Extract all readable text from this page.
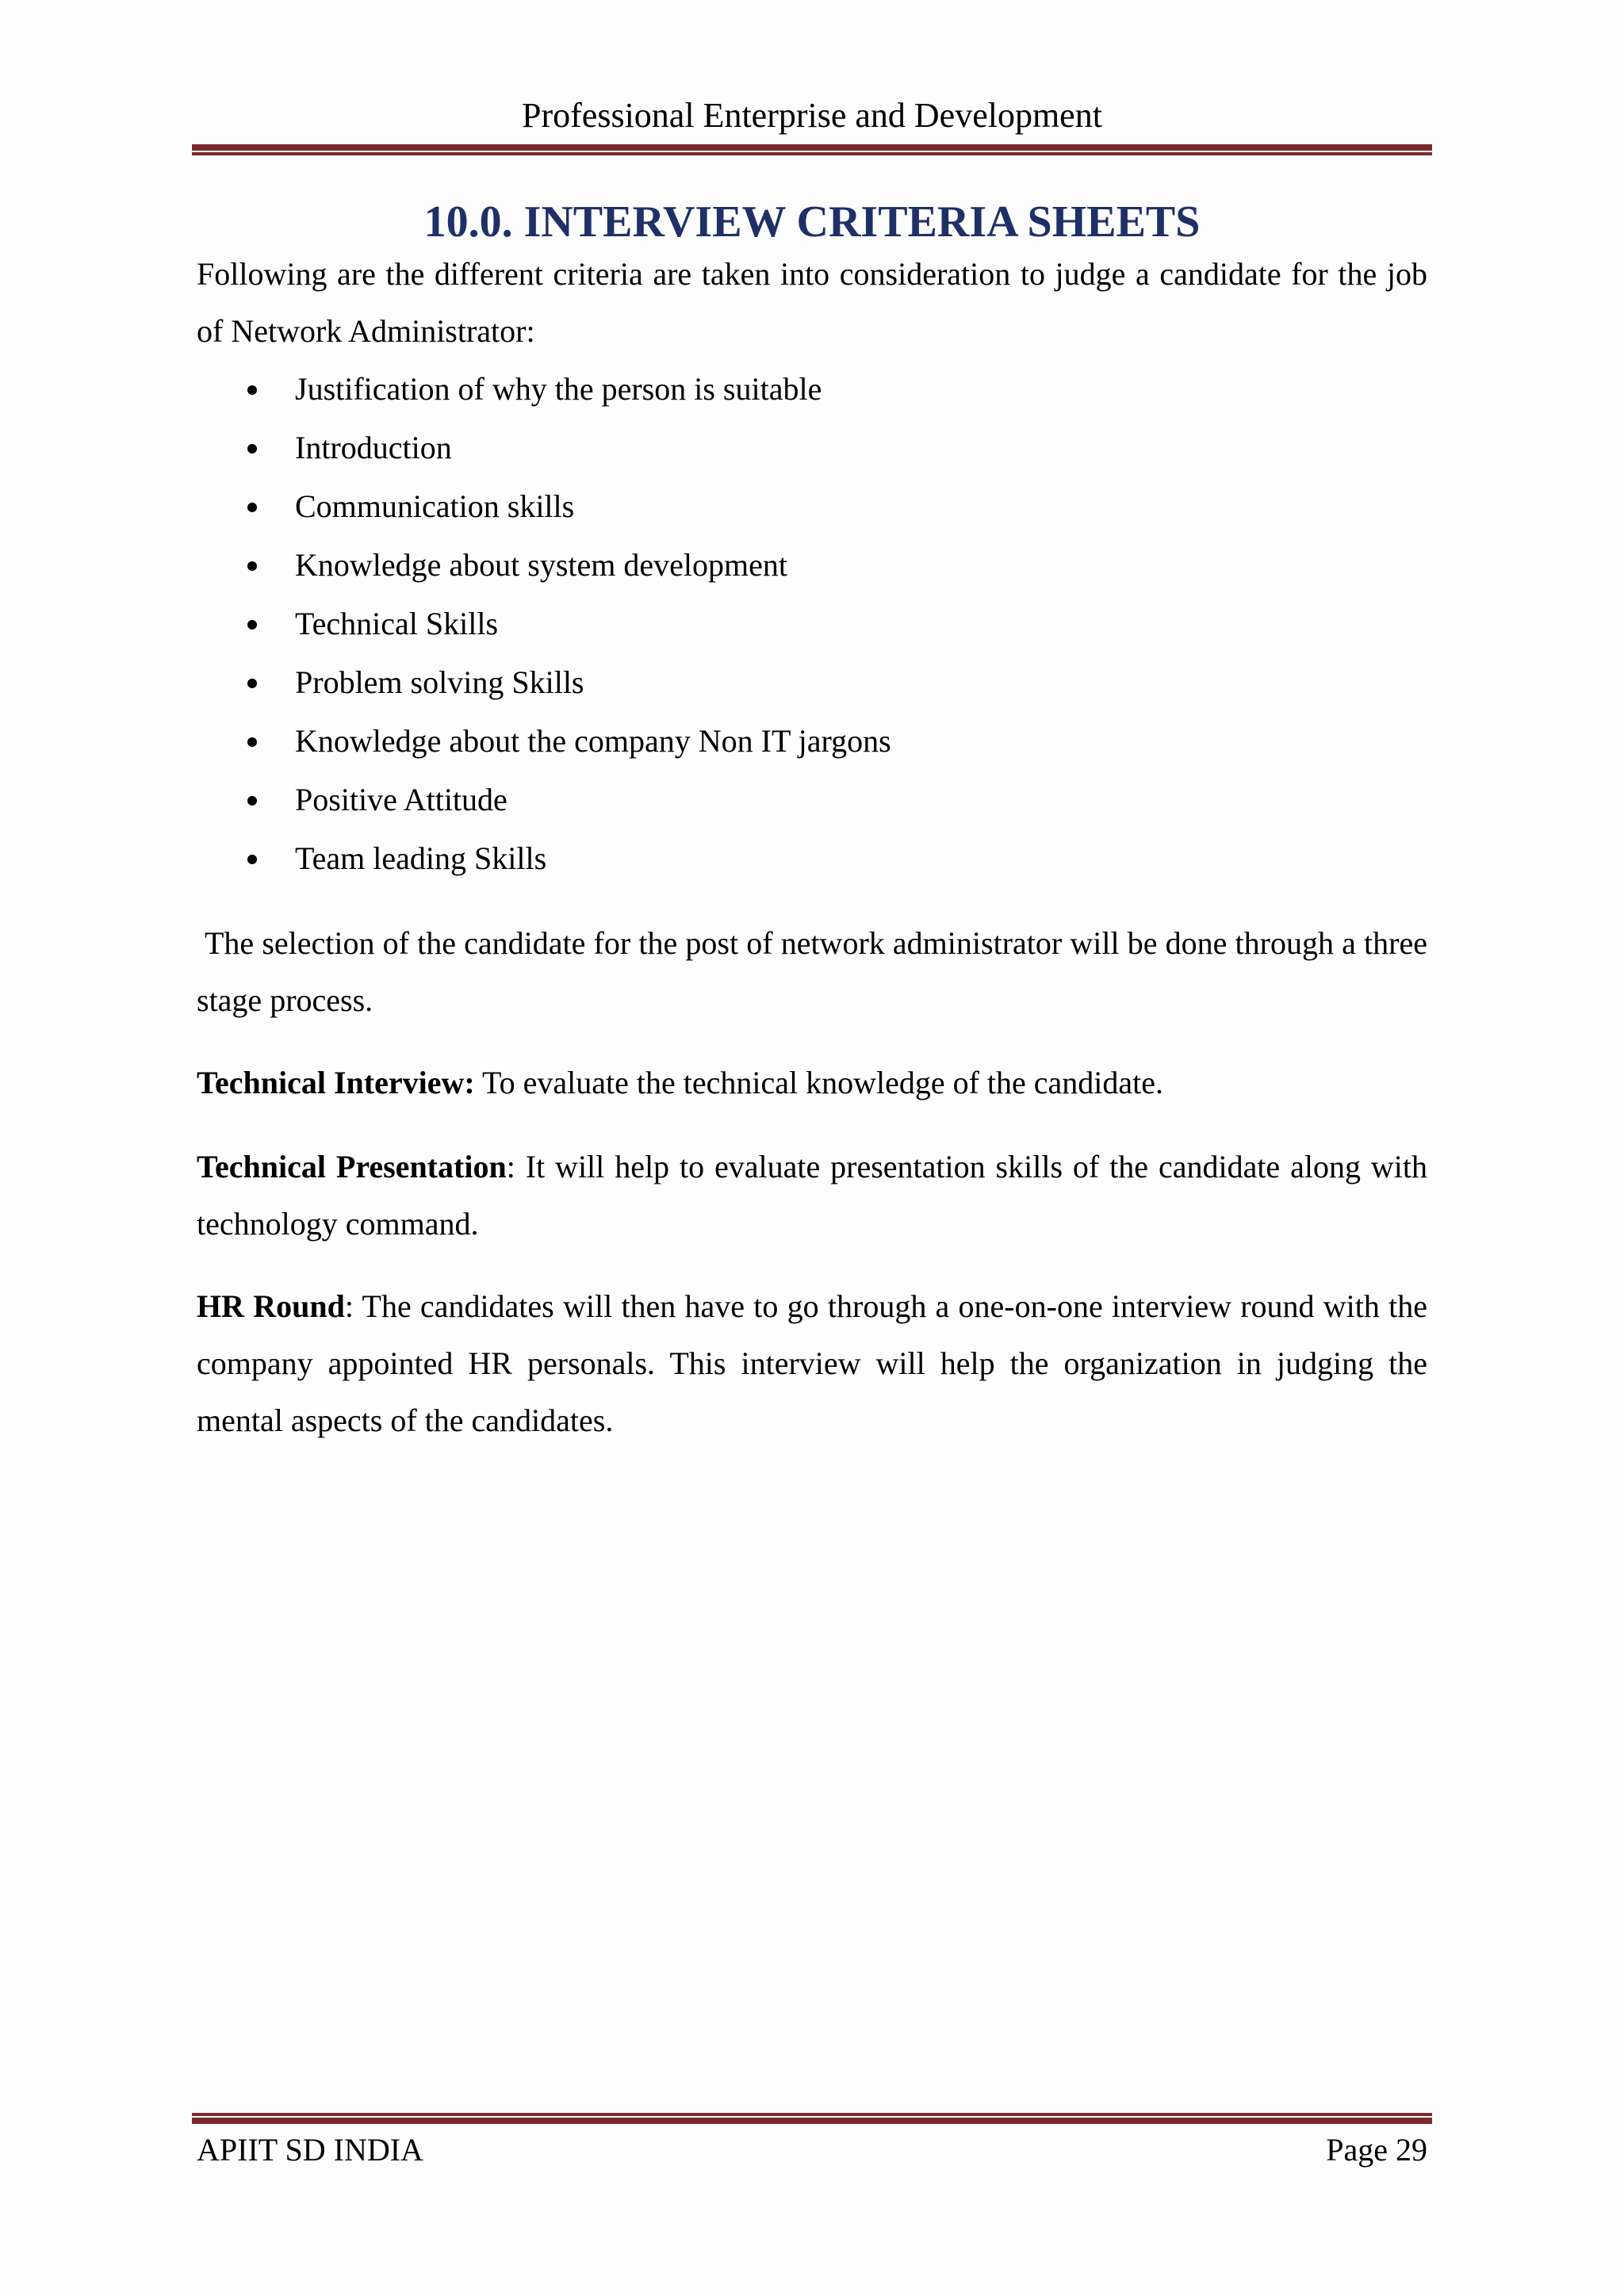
Professional Enterprise and Development
10.0. INTERVIEW CRITERIA SHEETS
Following are the different criteria are taken into consideration to judge a candidate for the job of Network Administrator:
Justification of why the person is suitable
Introduction
Communication skills
Knowledge about system development
Technical Skills
Problem solving Skills
Knowledge about the company Non IT jargons
Positive Attitude
Team leading Skills
The selection of the candidate for the post of network administrator will be done through a three stage process.
Technical Interview: To evaluate the technical knowledge of the candidate.
Technical Presentation: It will help to evaluate presentation skills of the candidate along with technology command.
HR Round: The candidates will then have to go through a one-on-one interview round with the company appointed HR personals. This interview will help the organization in judging the mental aspects of the candidates.
APIIT SD INDIA	Page 29
